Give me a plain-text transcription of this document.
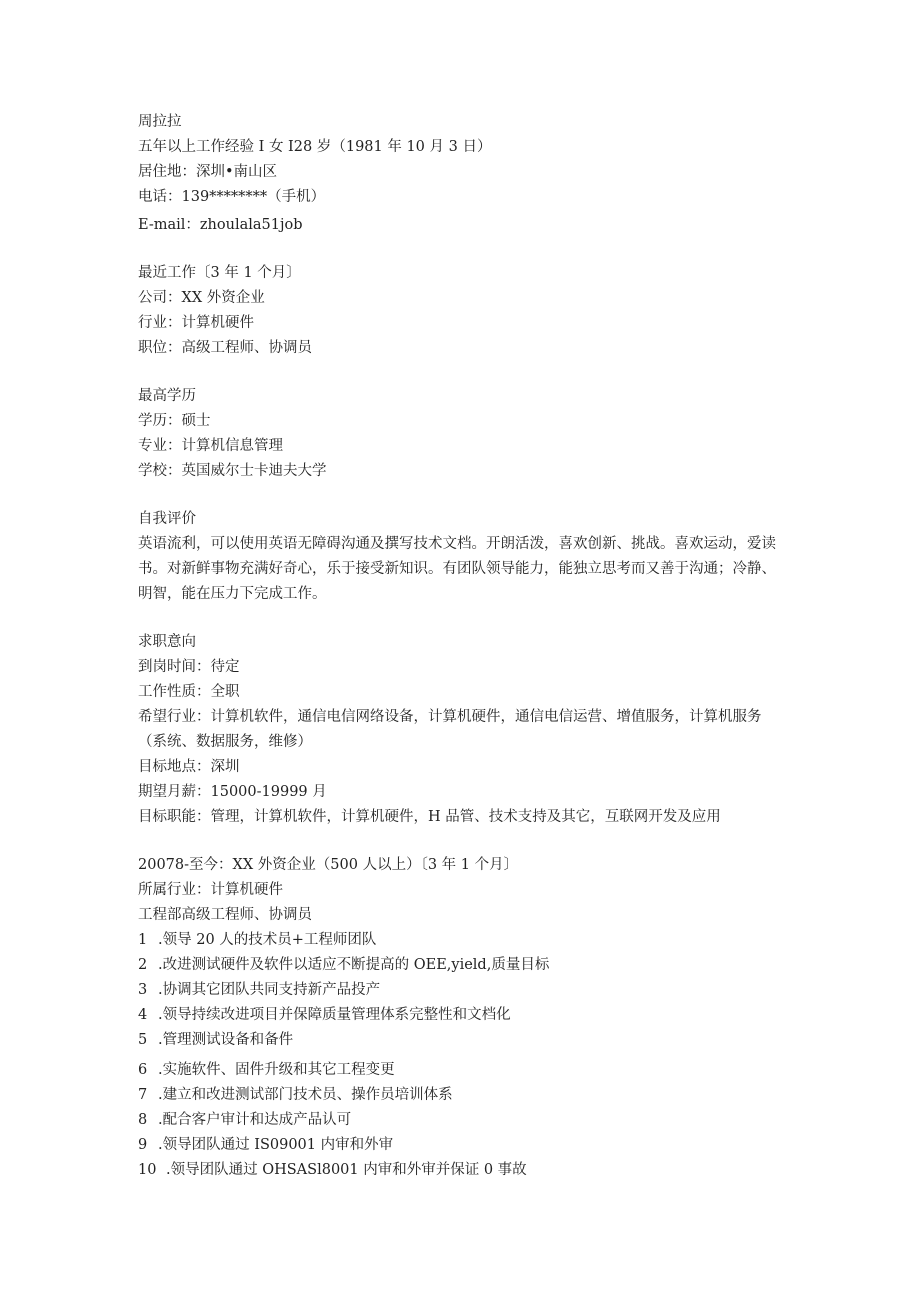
周拉拉
五年以上工作经验 I 女 I28 岁（1981 年 10 月 3 日）
居住地：深圳•南山区
电话：139********（手机）
E-mail：zhoulala51job
最近工作〔3 年 1 个月〕
公司：XX 外资企业
行业：计算机硬件
职位：高级工程师、协调员
最高学历
学历：硕士
专业：计算机信息管理
学校：英国威尔士卡迪夫大学
自我评价
英语流利，可以使用英语无障碍沟通及撰写技术文档。开朗活泼，喜欢创新、挑战。喜欢运动，爱读书。对新鲜事物充满好奇心，乐于接受新知识。有团队领导能力，能独立思考而又善于沟通；冷静、明智，能在压力下完成工作。
求职意向
到岗时间：待定
工作性质：全职
希望行业：计算机软件，通信电信网络设备，计算机硬件，通信电信运营、增值服务，计算机服务（系统、数据服务，维修）
目标地点：深圳
期望月薪：15000-19999 月
目标职能：管理，计算机软件，计算机硬件，H 品管、技术支持及其它，互联网开发及应用
20078-至今：XX 外资企业（500 人以上）〔3 年 1 个月〕
所属行业：计算机硬件
工程部高级工程师、协调员
1 .领导 20 人的技术员+工程师团队
2 .改进测试硬件及软件以适应不断提高的 OEE,yield,质量目标
3 .协调其它团队共同支持新产品投产
4 .领导持续改进项目并保障质量管理体系完整性和文档化
5 .管理测试设备和备件
6 .实施软件、固件升级和其它工程变更
7 .建立和改进测试部门技术员、操作员培训体系
8 .配合客户审计和达成产品认可
9 .领导团队通过 IS09001 内审和外审
10 .领导团队通过 OHSASl8001 内审和外审并保证 0 事故
